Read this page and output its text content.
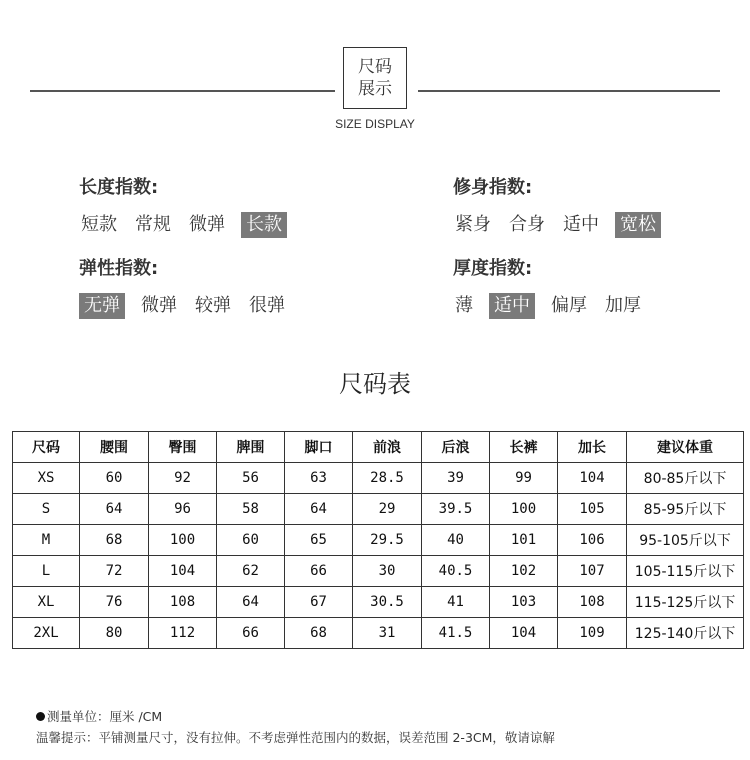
尺码
展示
SIZE DISPLAY
长度指数:
短款 常规 微弹 长款
修身指数:
紧身 合身 适中 宽松
弹性指数:
无弹 微弹 较弹 很弹
厚度指数:
薄 适中 偏厚 加厚
尺码表
尺码	腰围	臀围	脾围	脚口	前浪	后浪	长裤	加长	建议体重
XS	60	92	56	63	28.5	39	99	104	80-85斤以下
S	64	96	58	64	29	39.5	100	105	85-95斤以下
M	68	100	60	65	29.5	40	101	106	95-105斤以下
L	72	104	62	66	30	40.5	102	107	105-115斤以下
XL	76	108	64	67	30.5	41	103	108	115-125斤以下
2XL	80	112	66	68	31	41.5	104	109	125-140斤以下
测量单位：厘米 /CM
温馨提示：平铺测量尺寸，没有拉伸。不考虑弹性范围内的数据，误差范围 2-3CM，敬请谅解
